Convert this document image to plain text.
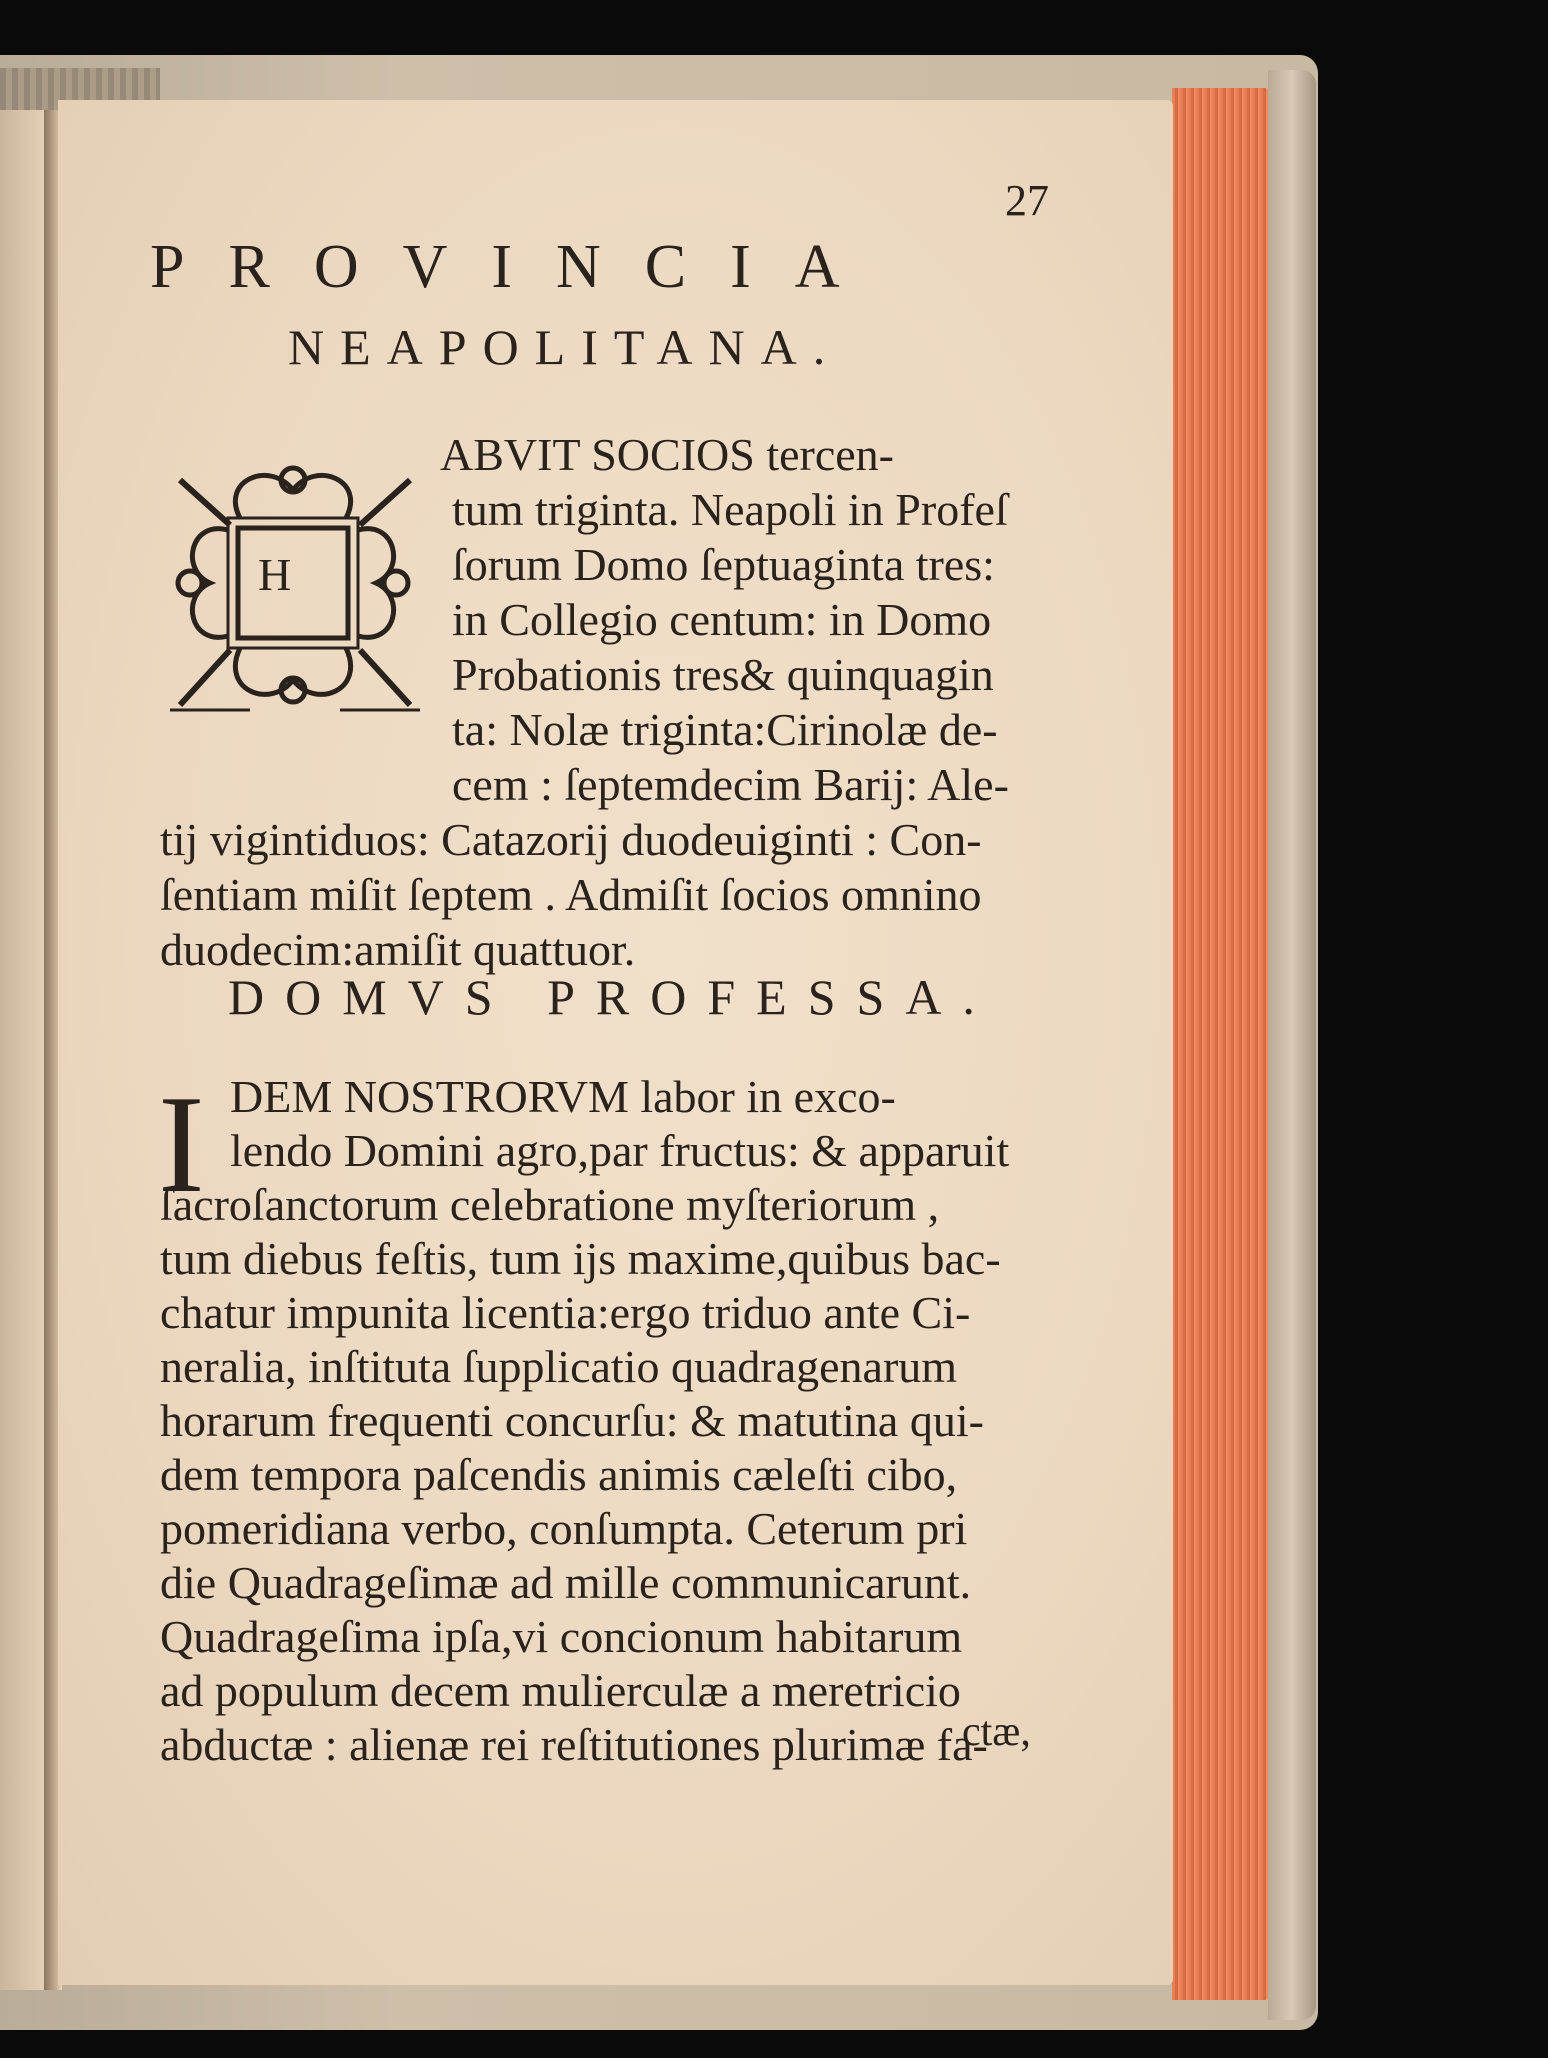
27
PROVINCIA
NEAPOLITANA.
H
ABVIT SOCIOS tercen-
tum triginta. Neapoli in Profeſ
ſorum Domo ſeptuaginta tres:
in Collegio centum: in Domo
Probationis tres& quinquagin
ta: Nolæ triginta:Cirinolæ de-
cem : ſeptemdecim Barij: Ale-
tij vigintiduos: Catazorij duodeuiginti : Con-
ſentiam miſit ſeptem . Admiſit ſocios omnino
duodecim:amiſit quattuor.
DOMVS PROFESSA.
I DEM NOSTRORVM labor in exco-
lendo Domini agro,par fructus: & apparuit
ſacroſanctorum celebratione myſteriorum ,
tum diebus feſtis, tum ijs maxime,quibus bac-
chatur impunita licentia:ergo triduo ante Ci-
neralia, inſtituta ſupplicatio quadragenarum
horarum frequenti concurſu: & matutina qui-
dem tempora paſcendis animis cæleſti cibo,
pomeridiana verbo, conſumpta. Ceterum pri
die Quadrageſimæ ad mille communicarunt.
Quadrageſima ipſa,vi concionum habitarum
ad populum decem mulierculæ a meretricio
abductæ : alienæ rei reſtitutiones plurimæ fa-
ctæ,
